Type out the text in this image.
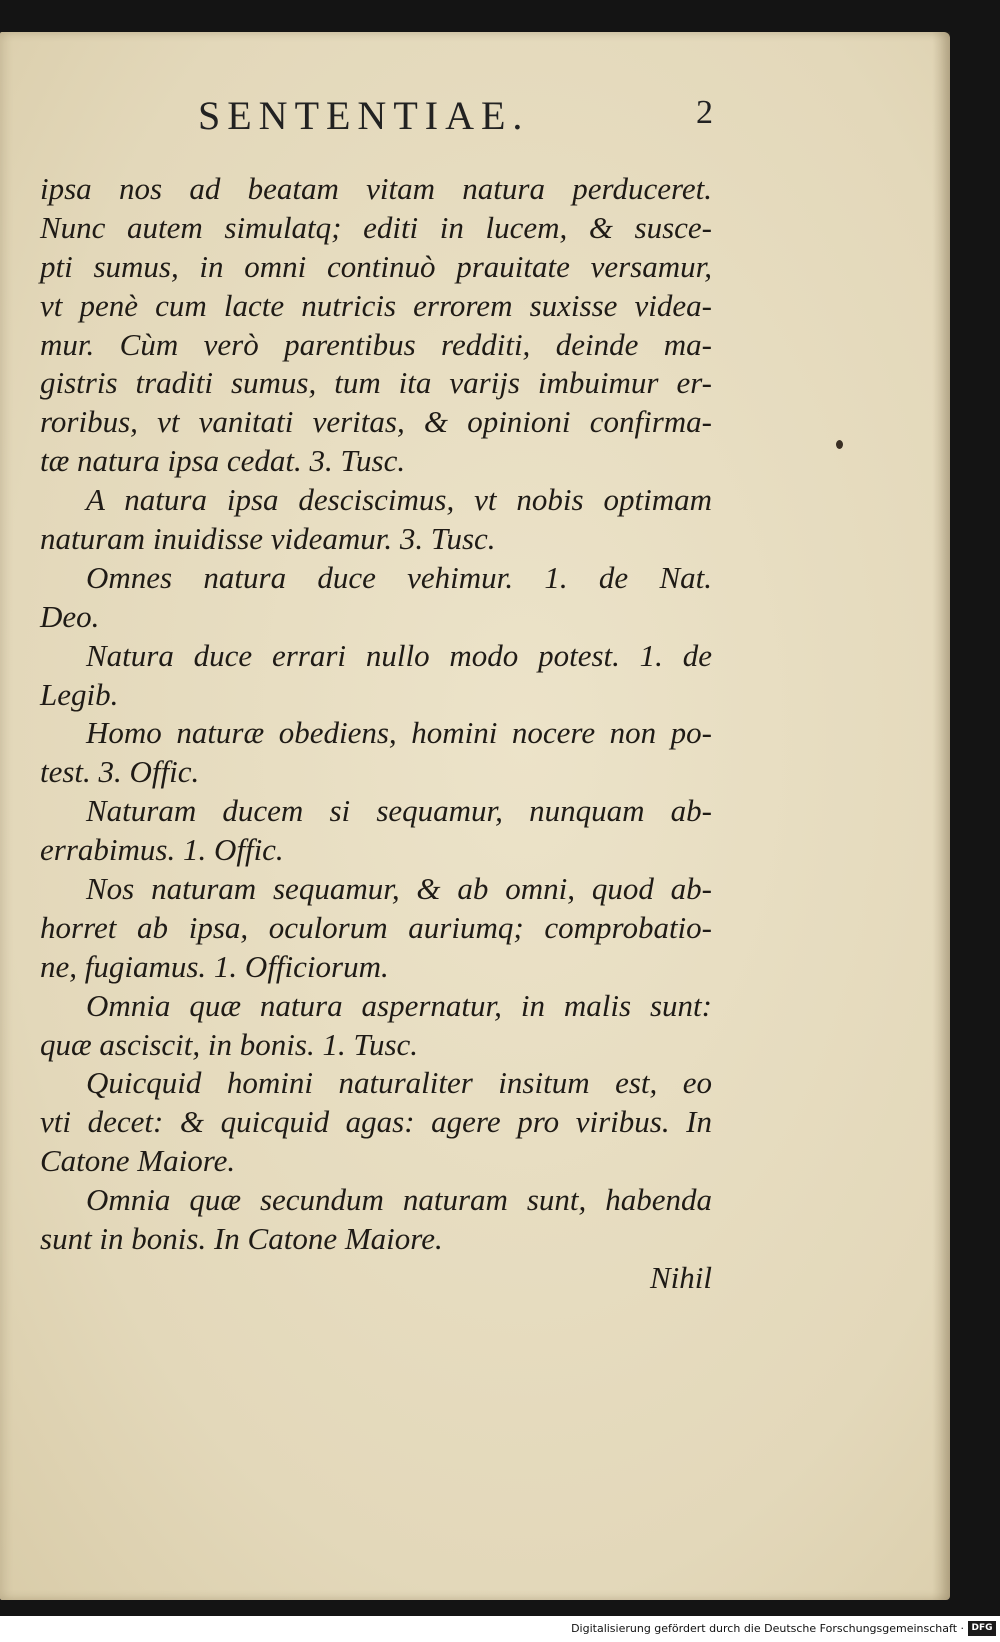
SENTENTIAE.	2
ipsa nos ad beatam vitam natura perduceret.
Nunc autem simulatq; editi in lucem, & susce-
pti sumus, in omni continuò prauitate versamur,
vt penè cum lacte nutricis errorem suxisse videa-
mur. Cùm verò parentibus redditi, deinde ma-
gistris traditi sumus, tum ita varijs imbuimur er-
roribus, vt vanitati veritas, & opinioni confirma-
tæ natura ipsa cedat. 3. Tusc.
A natura ipsa desciscimus, vt nobis optimam
naturam inuidisse videamur. 3. Tusc.
Omnes natura duce vehimur. 1. de Nat.
Deo.
Natura duce errari nullo modo potest. 1. de
Legib.
Homo naturæ obediens, homini nocere non po-
test. 3. Offic.
Naturam ducem si sequamur, nunquam ab-
errabimus. 1. Offic.
Nos naturam sequamur, & ab omni, quod ab-
horret ab ipsa, oculorum auriumq; comprobatio-
ne, fugiamus. 1. Officiorum.
Omnia quæ natura aspernatur, in malis sunt:
quæ asciscit, in bonis. 1. Tusc.
Quicquid homini naturaliter insitum est, eo
vti decet: & quicquid agas: agere pro viribus. In
Catone Maiore.
Omnia quæ secundum naturam sunt, habenda
sunt in bonis. In Catone Maiore.
Nihil
Digitalisierung gefördert durch die Deutsche Forschungsgemeinschaft · DFG
